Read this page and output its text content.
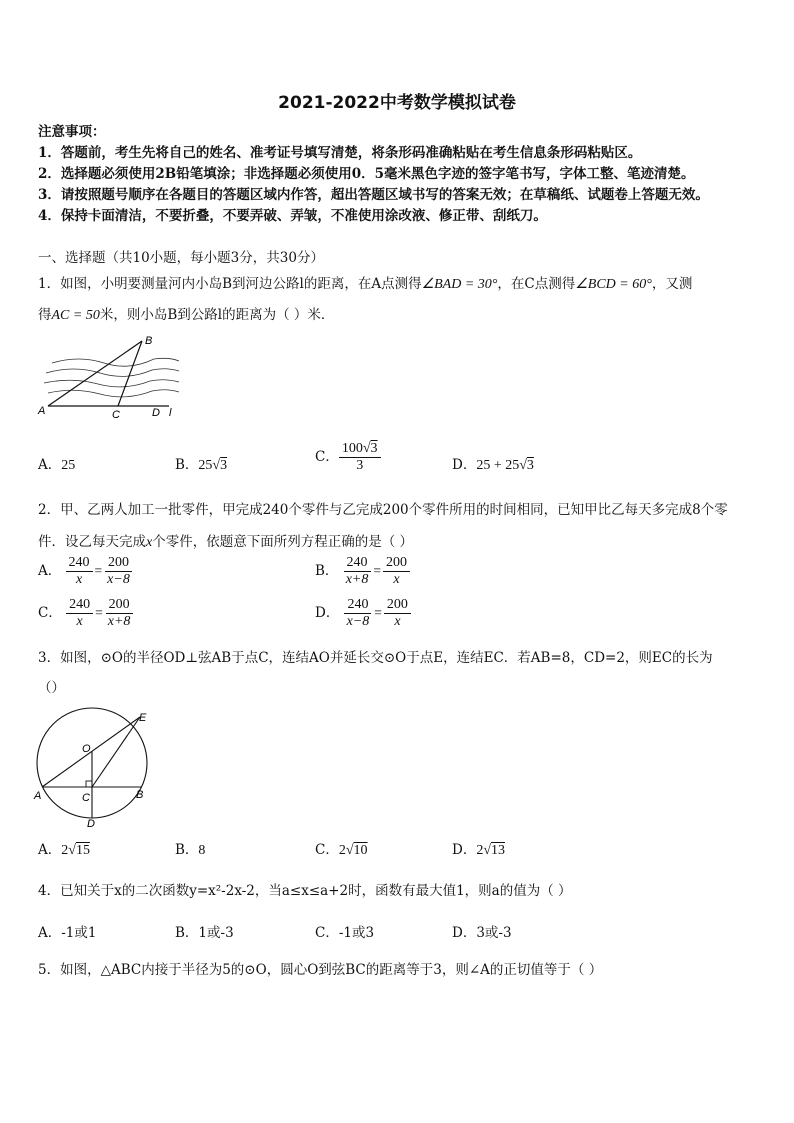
2021-2022中考数学模拟试卷
注意事项：
1．答题前，考生先将自己的姓名、准考证号填写清楚，将条形码准确粘贴在考生信息条形码粘贴区。
2．选择题必须使用2B铅笔填涂；非选择题必须使用0．5毫米黑色字迹的签字笔书写，字体工整、笔迹清楚。
3．请按照题号顺序在各题目的答题区域内作答，超出答题区域书写的答案无效；在草稿纸、试题卷上答题无效。
4．保持卡面清洁，不要折叠，不要弄破、弄皱，不准使用涂改液、修正带、刮纸刀。
一、选择题（共10小题，每小题3分，共30分）
1．如图，小明要测量河内小岛B到河边公路l的距离，在A点测得∠BAD = 30°，在C点测得∠BCD = 60°，又测
得AC = 50米，则小岛B到公路l的距离为（ ）米．
A
B
C	D l
A．25	B．25√3
C． $\frac{100√3}{3}$	D．25 + 25√3
2．甲、乙两人加工一批零件，甲完成240个零件与乙完成200个零件所用的时间相同，已知甲比乙每天多完成8个零
件．设乙每天完成x个零件，依题意下面所列方程正确的是（ ）
A． $\frac{240}{x} = \frac{200}{x-8}$	B． $\frac{240}{x+8} = \frac{200}{x}$
C． $\frac{240}{x} = \frac{200}{x+8}$	D． $\frac{240}{x-8} = \frac{200}{x}$
3．如图，⊙O的半径OD⊥弦AB于点C，连结AO并延长交⊙O于点E，连结EC．若AB=8，CD=2，则EC的长为
（）
A	B
C
D
E
O
A．2√15	B．8	C．2√10	D．2√13
4．已知关于x的二次函数y=x²-2x-2，当a≤x≤a+2时，函数有最大值1，则a的值为（ ）
A．-1或1	B．1或-3	C．-1或3	D．3或-3
5．如图，△ABC内接于半径为5的⊙O，圆心O到弦BC的距离等于3，则∠A的正切值等于（ ）
